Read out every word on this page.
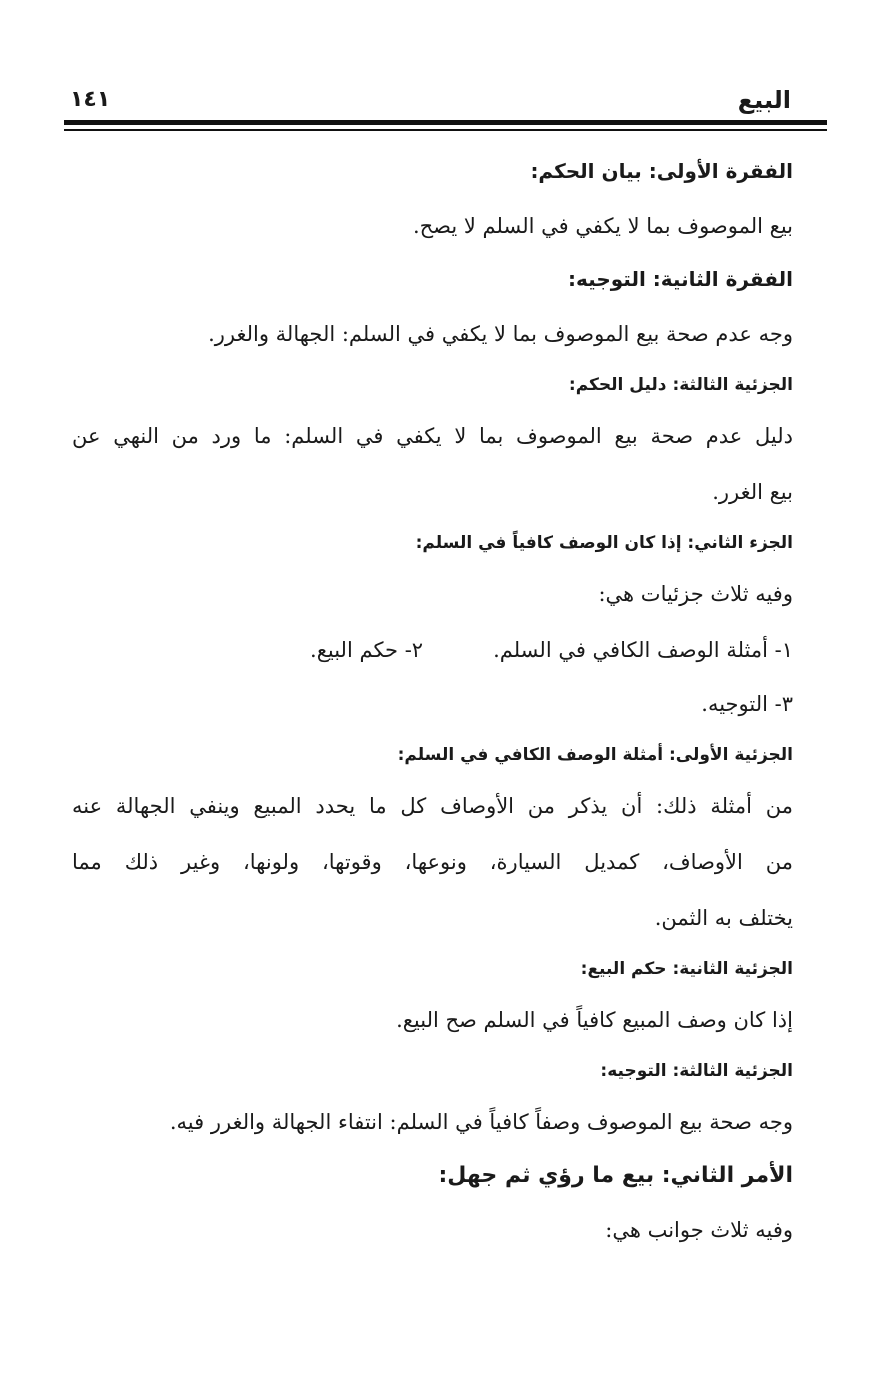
البيع
١٤١
الفقرة الأولى: بيان الحكم:
بيع الموصوف بما لا يكفي في السلم لا يصح.
الفقرة الثانية: التوجيه:
وجه عدم صحة بيع الموصوف بما لا يكفي في السلم: الجهالة والغرر.
الجزئية الثالثة: دليل الحكم:
دليل عدم صحة بيع الموصوف بما لا يكفي في السلم: ما ورد من النهي عن
بيع الغرر.
الجزء الثاني: إذا كان الوصف كافياً في السلم:
وفيه ثلاث جزئيات هي:
١- أمثلة الوصف الكافي في السلم.٢- حكم البيع.
٣- التوجيه.
الجزئية الأولى: أمثلة الوصف الكافي في السلم:
من أمثلة ذلك: أن يذكر من الأوصاف كل ما يحدد المبيع وينفي الجهالة عنه
من الأوصاف، كمديل السيارة، ونوعها، وقوتها، ولونها، وغير ذلك مما
يختلف به الثمن.
الجزئية الثانية: حكم البيع:
إذا كان وصف المبيع كافياً في السلم صح البيع.
الجزئية الثالثة: التوجيه:
وجه صحة بيع الموصوف وصفاً كافياً في السلم: انتفاء الجهالة والغرر فيه.
الأمر الثاني: بيع ما رؤي ثم جهل:
وفيه ثلاث جوانب هي:
